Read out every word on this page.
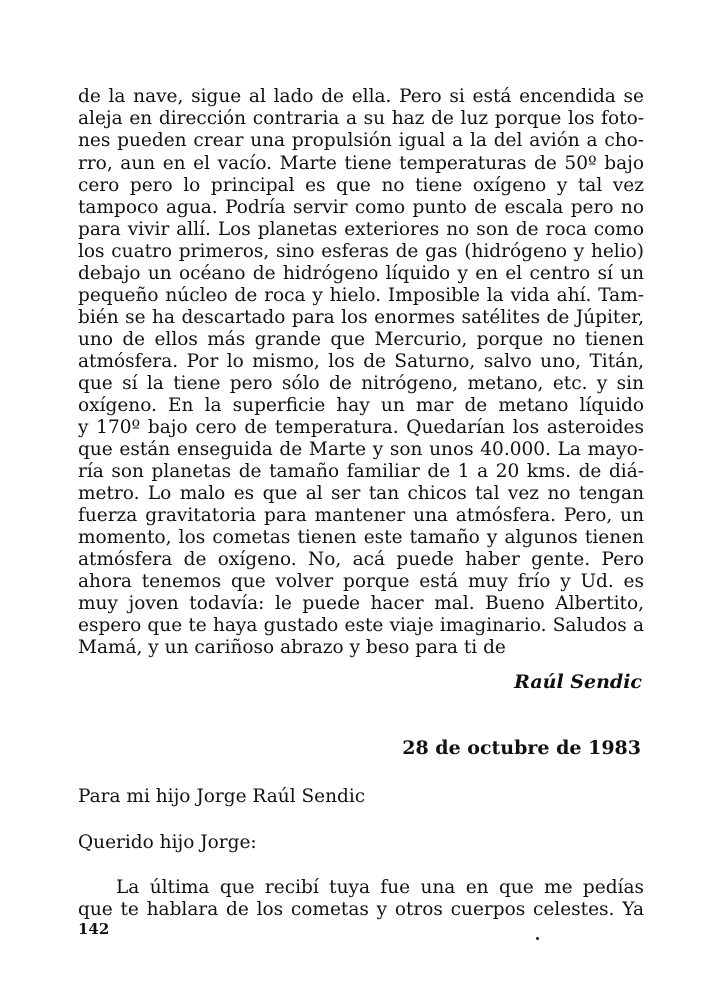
de la nave, sigue al lado de ella. Pero si está encendida se
aleja en dirección contraria a su haz de luz porque los foto-
nes pueden crear una propulsión igual a la del avión a cho-
rro, aun en el vacío. Marte tiene temperaturas de 50º bajo
cero pero lo principal es que no tiene oxígeno y tal vez
tampoco agua. Podría servir como punto de escala pero no
para vivir allí. Los planetas exteriores no son de roca como
los cuatro primeros, sino esferas de gas (hidrógeno y helio)
debajo un océano de hidrógeno líquido y en el centro sí un
pequeño núcleo de roca y hielo. Imposible la vida ahí. Tam-
bién se ha descartado para los enormes satélites de Júpiter,
uno de ellos más grande que Mercurio, porque no tienen
atmósfera. Por lo mismo, los de Saturno, salvo uno, Titán,
que sí la tiene pero sólo de nitrógeno, metano, etc. y sin
oxígeno. En la superficie hay un mar de metano líquido
y 170º bajo cero de temperatura. Quedarían los asteroides
que están enseguida de Marte y son unos 40.000. La mayo-
ría son planetas de tamaño familiar de 1 a 20 kms. de diá-
metro. Lo malo es que al ser tan chicos tal vez no tengan
fuerza gravitatoria para mantener una atmósfera. Pero, un
momento, los cometas tienen este tamaño y algunos tienen
atmósfera de oxígeno. No, acá puede haber gente. Pero
ahora tenemos que volver porque está muy frío y Ud. es
muy joven todavía: le puede hacer mal. Bueno Albertito,
espero que te haya gustado este viaje imaginario. Saludos a
Mamá, y un cariñoso abrazo y beso para ti de
Raúl Sendic
28 de octubre de 1983
Para mi hijo Jorge Raúl Sendic
Querido hijo Jorge:
La última que recibí tuya fue una en que me pedías
que te hablara de los cometas y otros cuerpos celestes. Ya
142
